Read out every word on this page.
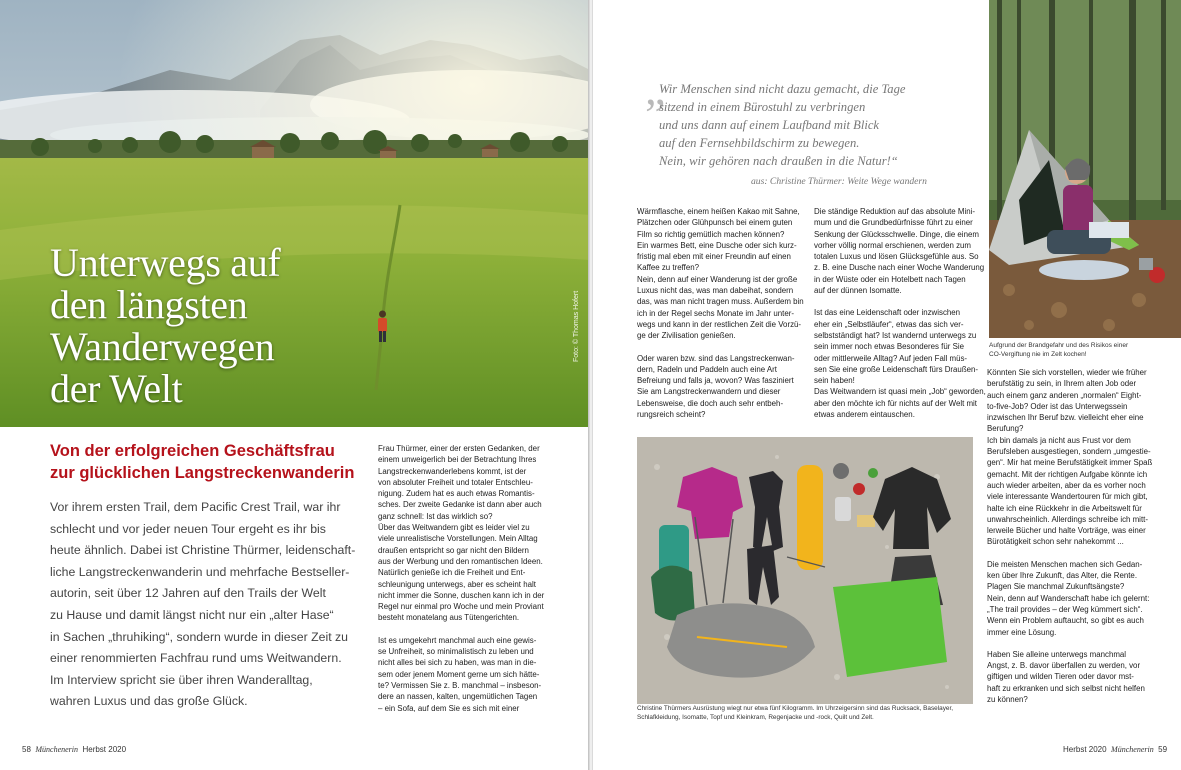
Unterwegs auf
den längsten
Wanderwegen
der Welt
Foto: © Thomas Hofert
Von der erfolgreichen Geschäftsfrau
zur glücklichen Langstreckenwanderin
Vor ihrem ersten Trail, dem Pacific Crest Trail, war ihr
schlecht und vor jeder neuen Tour ergeht es ihr bis
heute ähnlich. Dabei ist Christine Thürmer, leidenschaft-
liche Langstreckenwanderin und mehrfache Bestseller-
autorin, seit über 12 Jahren auf den Trails der Welt
zu Hause und damit längst nicht nur ein „alter Hase“
in Sachen „thruhiking“, sondern wurde in dieser Zeit zu
einer renommierten Fachfrau rund ums Weitwandern.
Im Interview spricht sie über ihren Wanderalltag,
wahren Luxus und das große Glück.
Frau Thürmer, einer der ersten Gedanken, der
einem unweigerlich bei der Betrachtung Ihres
Langstreckenwanderlebens kommt, ist der
von absoluter Freiheit und totaler Entschleu-
nigung. Zudem hat es auch etwas Romantis-
sches. Der zweite Gedanke ist dann aber auch
ganz schnell: Ist das wirklich so?
Über das Weitwandern gibt es leider viel zu
viele unrealistische Vorstellungen. Mein Alltag
draußen entspricht so gar nicht den Bildern
aus der Werbung und den romantischen Ideen.
Natürlich genieße ich die Freiheit und Ent-
schleunigung unterwegs, aber es scheint halt
nicht immer die Sonne, duschen kann ich in der
Regel nur einmal pro Woche und mein Proviant
besteht monatelang aus Tütengerichten.
Ist es umgekehrt manchmal auch eine gewis-
se Unfreiheit, so minimalistisch zu leben und
nicht alles bei sich zu haben, was man in die-
sem oder jenem Moment gerne um sich hätte-
te? Vermissen Sie z. B. manchmal – insbeson-
dere an nassen, kalten, ungemütlichen Tagen
– ein Sofa, auf dem Sie es sich mit einer
58 Münchenerin Herbst 2020
„
Wir Menschen sind nicht dazu gemacht, die Tage
sitzend in einem Bürostuhl zu verbringen
und uns dann auf einem Laufband mit Blick
auf den Fernsehbildschirm zu bewegen.
Nein, wir gehören nach draußen in die Natur!“
aus: Christine Thürmer: Weite Wege wandern
Wärmflasche, einem heißen Kakao mit Sahne,
Plätzchen oder Glühpunsch bei einem guten
Film so richtig gemütlich machen können?
Ein warmes Bett, eine Dusche oder sich kurz-
fristig mal eben mit einer Freundin auf einen
Kaffee zu treffen?
Nein, denn auf einer Wanderung ist der große
Luxus nicht das, was man dabeihat, sondern
das, was man nicht tragen muss. Außerdem bin
ich in der Regel sechs Monate im Jahr unter-
wegs und kann in der restlichen Zeit die Vorzü-
ge der Zivilisation genießen.
Oder waren bzw. sind das Langstreckenwan-
dern, Radeln und Paddeln auch eine Art
Befreiung und falls ja, wovon? Was fasziniert
Sie am Langstreckenwandern und dieser
Lebensweise, die doch auch sehr entbeh-
rungsreich scheint?
Die ständige Reduktion auf das absolute Mini-
mum und die Grundbedürfnisse führt zu einer
Senkung der Glücksschwelle. Dinge, die einem
vorher völlig normal erschienen, werden zum
totalen Luxus und lösen Glücksgefühle aus. So
z. B. eine Dusche nach einer Woche Wanderung
in der Wüste oder ein Hotelbett nach Tagen
auf der dünnen Isomatte.
Ist das eine Leidenschaft oder inzwischen
eher ein „Selbstläufer“, etwas das sich ver-
selbstständigt hat? Ist wandernd unterwegs zu
sein immer noch etwas Besonderes für Sie
oder mittlerweile Alltag? Auf jeden Fall müs-
sen Sie eine große Leidenschaft fürs Draußen-
sein haben!
Das Weitwandern ist quasi mein „Job“ geworden,
aber den möchte ich für nichts auf der Welt mit
etwas anderem eintauschen.
Aufgrund der Brandgefahr und des Risikos einer
CO-Vergiftung nie im Zelt kochen!
Könnten Sie sich vorstellen, wieder wie früher
berufstätig zu sein, in Ihrem alten Job oder
auch einem ganz anderen „normalen“ Eight-
to-five-Job? Oder ist das Unterwegssein
inzwischen Ihr Beruf bzw. vielleicht eher eine
Berufung?
Ich bin damals ja nicht aus Frust vor dem
Berufsleben ausgestiegen, sondern „umgestie-
gen“. Mir hat meine Berufstätigkeit immer Spaß
gemacht. Mit der richtigen Aufgabe könnte ich
auch wieder arbeiten, aber da es vorher noch
viele interessante Wandertouren für mich gibt,
halte ich eine Rückkehr in die Arbeitswelt für
unwahrscheinlich. Allerdings schreibe ich mitt-
lerweile Bücher und halte Vorträge, was einer
Bürotätigkeit schon sehr nahekommt ...
Die meisten Menschen machen sich Gedan-
ken über Ihre Zukunft, das Alter, die Rente.
Plagen Sie manchmal Zukunftsängste?
Nein, denn auf Wanderschaft habe ich gelernt:
„The trail provides – der Weg kümmert sich“.
Wenn ein Problem auftaucht, so gibt es auch
immer eine Lösung.
Haben Sie alleine unterwegs manchmal
Angst, z. B. davor überfallen zu werden, vor
giftigen und wilden Tieren oder davor mst-
haft zu erkranken und sich selbst nicht helfen
zu können?
Christine Thürmers Ausrüstung wiegt nur etwa fünf Kilogramm. Im Uhrzeigersinn sind das Rucksack, Baselayer,
Schlafkleidung, Isomatte, Topf und Kleinkram, Regenjacke und -rock, Quilt und Zelt.
Herbst 2020 Münchenerin 59
